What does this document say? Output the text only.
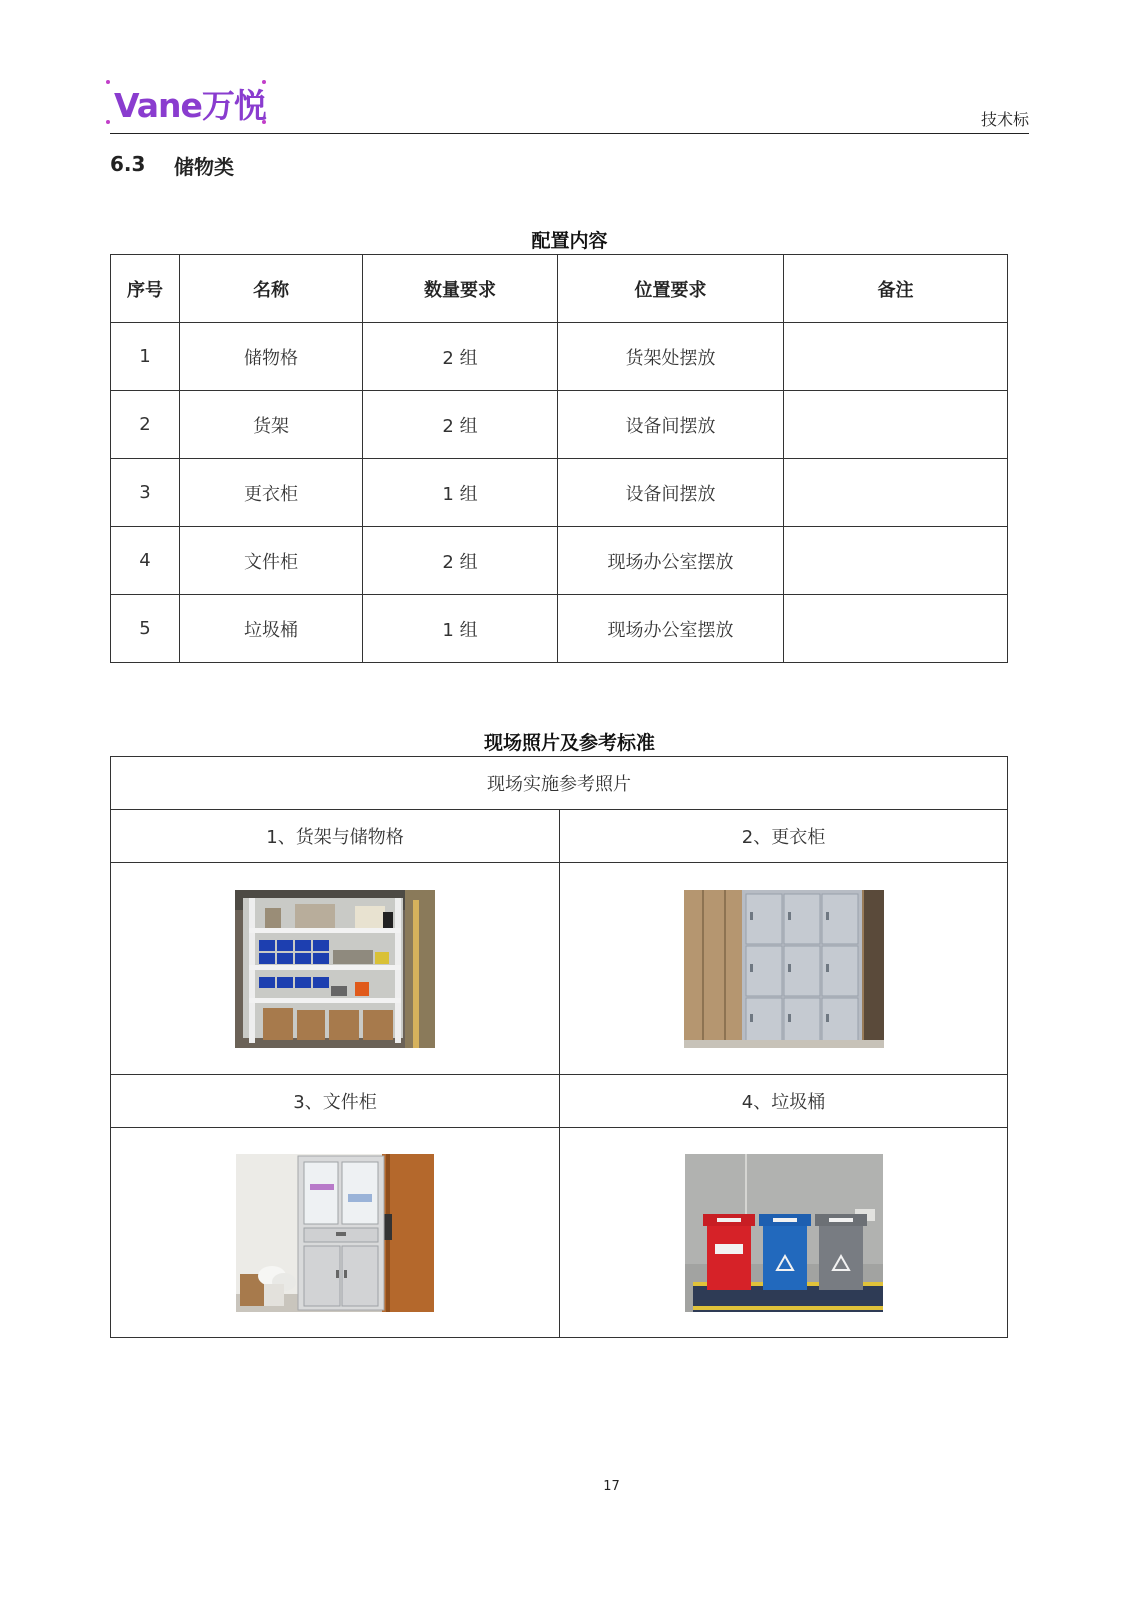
Vane万悦	技术标
6.3 储物类
配置内容
序号	名称	数量要求	位置要求	备注
1	储物格	2 组	货架处摆放	
2	货架	2 组	设备间摆放	
3	更衣柜	1 组	设备间摆放	
4	文件柜	2 组	现场办公室摆放	
5	垃圾桶	1 组	现场办公室摆放	
现场照片及参考标准
现场实施参考照片	
1、货架与储物格	2、更衣柜

3、文件柜	4、垃圾桶

17
